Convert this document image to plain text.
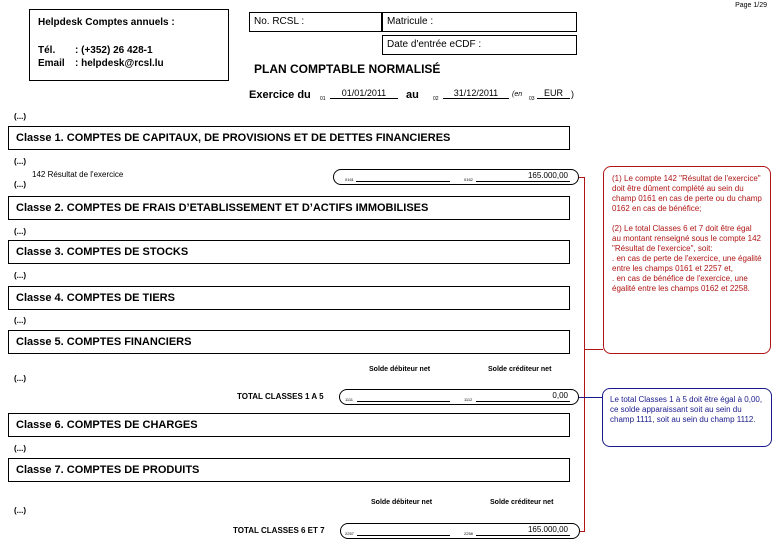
Page 1/29
Helpdesk Comptes annuels :
Tél. : (+352) 26 428-1
Email : helpdesk@rcsl.lu
No. RCSL :	Matricule :
Date d'entrée eCDF :
PLAN COMPTABLE NORMALISÉ
Exercice du 01
01/01/2011	au	02
31/12/2011	(en
03
EUR )
(...)
(...)
(...)
(...)
(...)
(...)
(...)
(...)
(...)
Classe 1. COMPTES DE CAPITAUX, DE PROVISIONS ET DE DETTES FINANCIERES
Classe 2. COMPTES DE FRAIS D’ETABLISSEMENT ET D’ACTIFS IMMOBILISES
Classe 3. COMPTES DE STOCKS
Classe 4. COMPTES DE TIERS
Classe 5. COMPTES FINANCIERS
Classe 6. COMPTES DE CHARGES
Classe 7. COMPTES DE PRODUITS
142 Résultat de l'exercice
0161	0162	165.000,00
Solde débiteur net	Solde créditeur net
TOTAL CLASSES 1 A 5	1111	1112	0,00
Solde débiteur net	Solde créditeur net
TOTAL CLASSES 6 ET 7	2257	2258	165.000,00
(1) Le compte 142 "Résultat de l'exercice" doit être dûment complété au sein du champ 0161 en cas de perte ou du champ 0162 en cas de bénéfice;
(2) Le total Classes 6 et 7 doit être égal au montant renseigné sous le compte 142 "Résultat de l'exercice", soit:
. en cas de perte de l'exercice, une égalité entre les champs 0161 et 2257 et,
. en cas de bénéfice de l'exercice, une égalité entre les champs 0162 et 2258.
Le total Classes 1 à 5 doit être égal à 0,00, ce solde apparaissant soit au sein du champ 1111, soit au sein du champ 1112.
